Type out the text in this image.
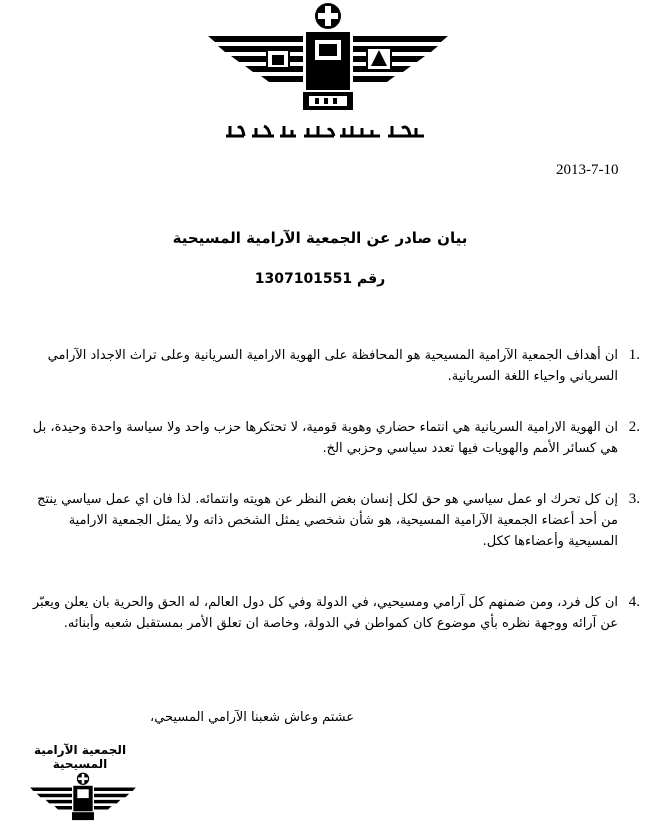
2013-7-10
بيان صادر عن الجمعية الآرامية المسيحية
رقم 1307101551
1.
ان أهداف الجمعية الآرامية المسيحية هو المحافظة على الهوية الارامية السريانية وعلى تراث الاجداد الآرامي السرياني واحياء اللغة السريانية.
2.
ان الهوية الارامية السريانية هي انتماء حضاري وهوية قومية، لا تحتكرها حزب واحد ولا سياسة واحدة وحيدة، بل هي كسائر الأمم والهويات فيها تعدد سياسي وحزبي الخ.
3.
إن كل تحرك او عمل سياسي هو حق لكل إنسان بغض النظر عن هويته وانتمائه. لذا فان اي عمل سياسي ينتج من أحد أعضاء الجمعية الآرامية المسيحية، هو شأن شخصي يمثل الشخص ذاته ولا يمثل الجمعية الارامية المسيحية وأعضاءها ككل.
4.
ان كل فرد، ومن ضمنهم كل آرامي ومسيحيي، في الدولة وفي كل دول العالم، له الحق والحرية بان يعلن ويعبّر عن آرائه ووجهة نظره بأي موضوع كان كمواطن في الدولة، وخاصة ان تعلق الأمر بمستقبل شعبه وأبنائه.
عشتم وعاش شعبنا الآرامي المسيحي،
الجمعية الآرامية المسيحية
